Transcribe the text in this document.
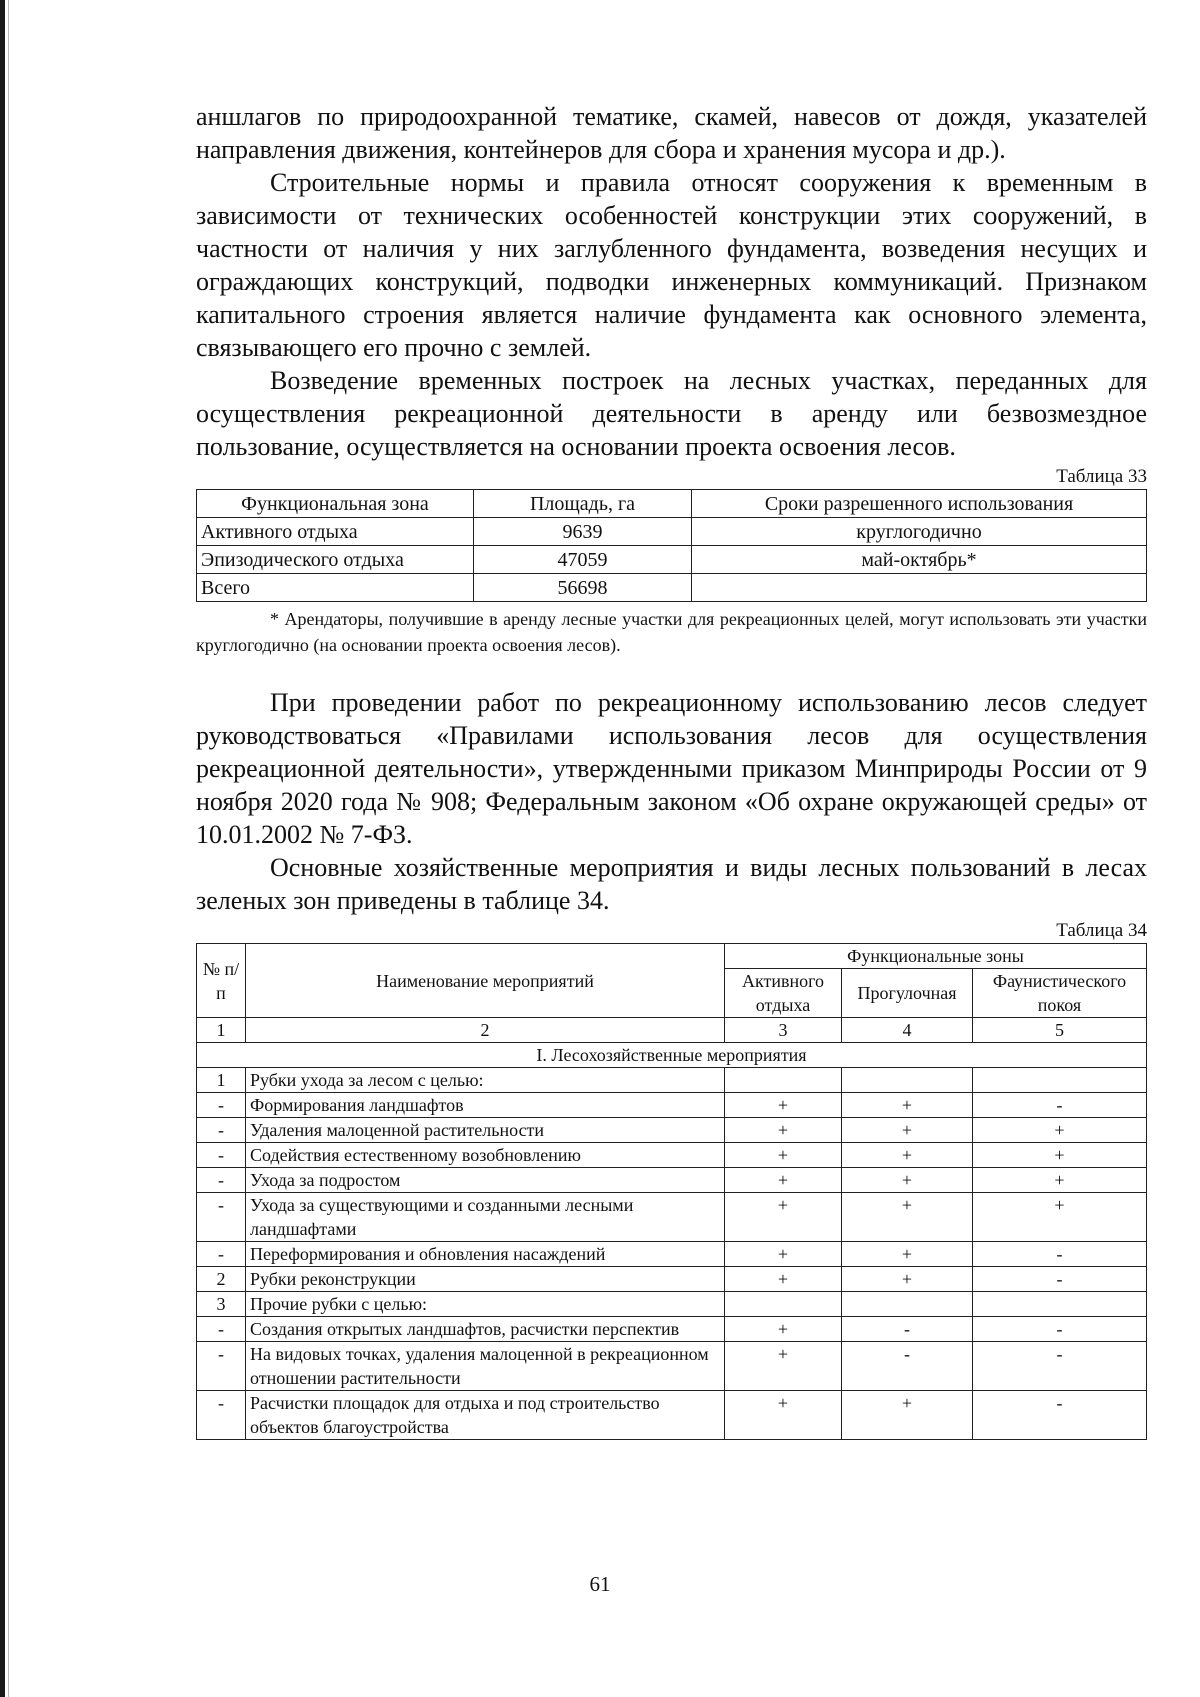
аншлагов по природоохранной тематике, скамей, навесов от дождя, указателей направления движения, контейнеров для сбора и хранения мусора и др.).

Строительные нормы и правила относят сооружения к временным в зависимости от технических особенностей конструкции этих сооружений, в частности от наличия у них заглубленного фундамента, возведения несущих и ограждающих конструкций, подводки инженерных коммуникаций. Признаком капитального строения является наличие фундамента как основного элемента, связывающего его прочно с землей.

Возведение временных построек на лесных участках, переданных для осуществления рекреационной деятельности в аренду или безвозмездное пользование, осуществляется на основании проекта освоения лесов.

Таблица 33
Функциональная зона	Площадь, га	Сроки разрешенного использования
Активного отдыха	9639	круглогодично
Эпизодического отдыха	47059	май-октябрь*
Всего	56698	

* Арендаторы, получившие в аренду лесные участки для рекреационных целей, могут использовать эти участки круглогодично (на основании проекта освоения лесов).

При проведении работ по рекреационному использованию лесов следует руководствоваться «Правилами использования лесов для осуществления рекреационной деятельности», утвержденными приказом Минприроды России от 9 ноября 2020 года № 908; Федеральным законом «Об охране окружающей среды» от 10.01.2002 № 7-ФЗ.

Основные хозяйственные мероприятия и виды лесных пользований в лесах зеленых зон приведены в таблице 34.

Таблица 34
№ п/п	Наименование мероприятий	Функциональные зоны		
		Активного отдыха	Прогулочная	Фаунистического покоя
1	2	3	4	5
I. Лесохозяйственные мероприятия				
1	Рубки ухода за лесом с целью:			
-	Формирования ландшафтов	+	+	-
-	Удаления малоценной растительности	+	+	+
-	Содействия естественному возобновлению	+	+	+
-	Ухода за подростом	+	+	+
-	Ухода за существующими и созданными лесными ландшафтами	+	+	+
-	Переформирования и обновления насаждений	+	+	-
2	Рубки реконструкции	+	+	-
3	Прочие рубки с целью:			
-	Создания открытых ландшафтов, расчистки перспектив	+	-	-
-	На видовых точках, удаления малоценной в рекреационном отношении растительности	+	-	-
-	Расчистки площадок для отдыха и под строительство объектов благоустройства	+	+	-
61
